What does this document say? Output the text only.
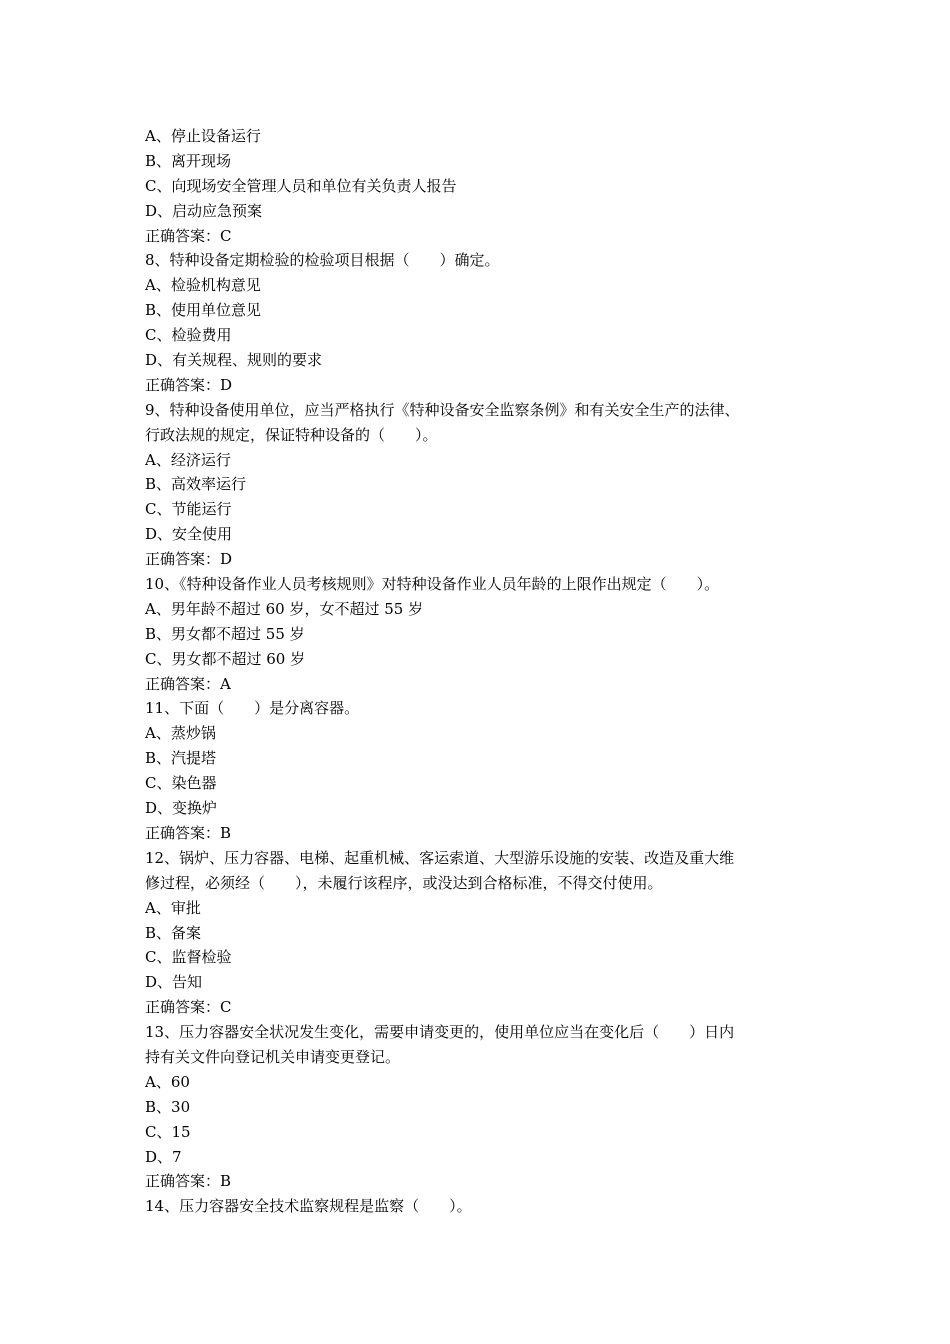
A、停止设备运行
B、离开现场
C、向现场安全管理人员和单位有关负责人报告
D、启动应急预案
正确答案：C
8、特种设备定期检验的检验项目根据（　　）确定。
A、检验机构意见
B、使用单位意见
C、检验费用
D、有关规程、规则的要求
正确答案：D
9、特种设备使用单位，应当严格执行《特种设备安全监察条例》和有关安全生产的法律、
行政法规的规定，保证特种设备的（　　）。
A、经济运行
B、高效率运行
C、节能运行
D、安全使用
正确答案：D
10、《特种设备作业人员考核规则》对特种设备作业人员年龄的上限作出规定（　　）。
A、男年龄不超过 60 岁，女不超过 55 岁
B、男女都不超过 55 岁
C、男女都不超过 60 岁
正确答案：A
11、下面（　　）是分离容器。
A、蒸炒锅
B、汽提塔
C、染色器
D、变换炉
正确答案：B
12、锅炉、压力容器、电梯、起重机械、客运索道、大型游乐设施的安装、改造及重大维
修过程，必须经（　　），未履行该程序，或没达到合格标准，不得交付使用。
A、审批
B、备案
C、监督检验
D、告知
正确答案：C
13、压力容器安全状况发生变化，需要申请变更的，使用单位应当在变化后（　　）日内
持有关文件向登记机关申请变更登记。
A、60
B、30
C、15
D、7
正确答案：B
14、压力容器安全技术监察规程是监察（　　）。
